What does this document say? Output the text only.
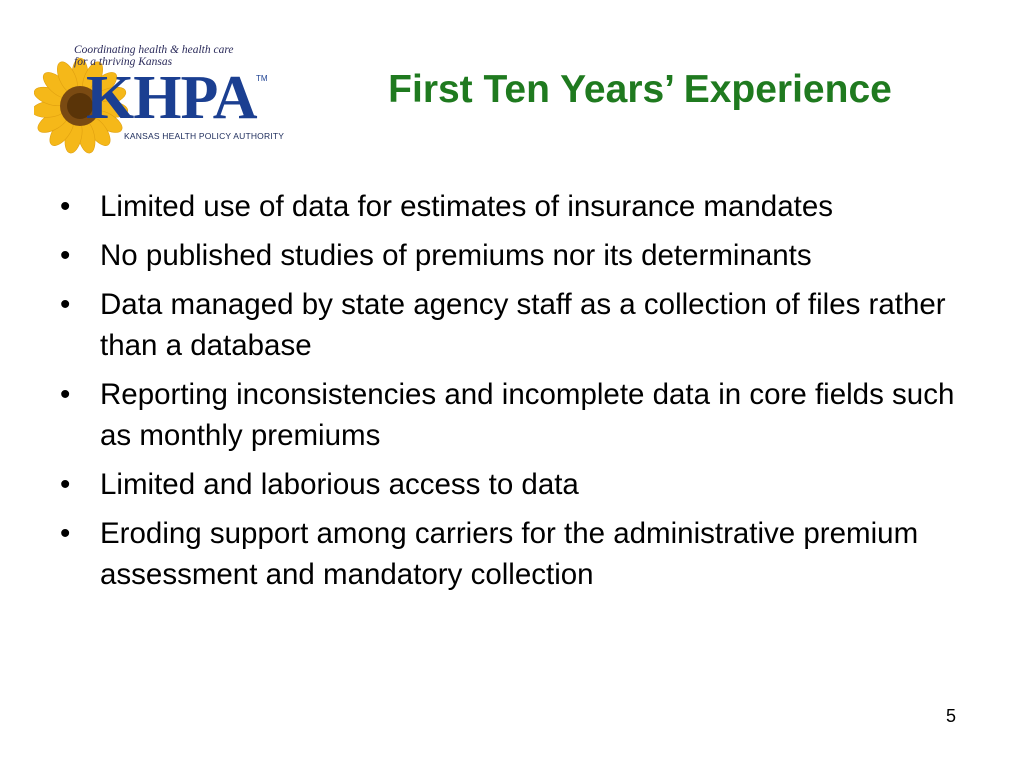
Coordinating health & health care
for a thriving Kansas
KHPA TM
KANSAS HEALTH POLICY AUTHORITY
First Ten Years’ Experience
• Limited use of data for estimates of insurance mandates
• No published studies of premiums nor its determinants
• Data managed by state agency staff as a collection of files rather than a database
• Reporting inconsistencies and incomplete data in core fields such as monthly premiums
• Limited and laborious access to data
• Eroding support among carriers for the administrative premium assessment and mandatory collection
5
